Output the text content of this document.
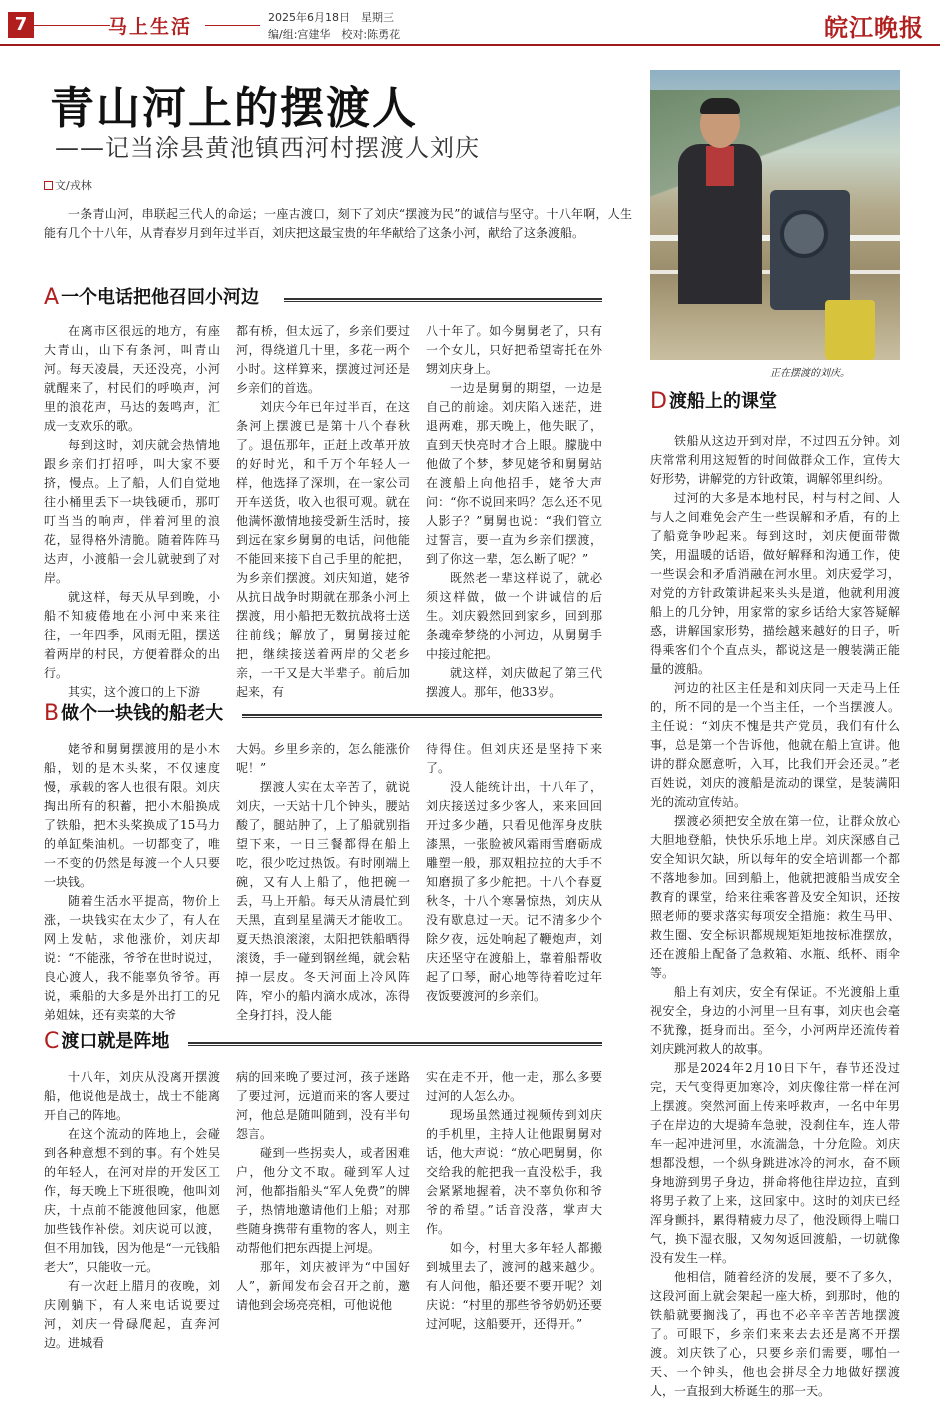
7	马上生活	2025年6月18日　星期三
编/组:宫建华　校对:陈勇花	皖江晚报
青山河上的摆渡人
——记当涂县黄池镇西河村摆渡人刘庆
文/戎林

一条青山河，串联起三代人的命运；一座古渡口，刻下了刘庆“摆渡为民”的诚信与坚守。十八年啊，人生能有几个十八年，从青春岁月到年过半百，刘庆把这最宝贵的年华献给了这条小河，献给了这条渡船。

正在摆渡的刘庆。
A 一个电话把他召回小河边

在离市区很远的地方，有座大青山，山下有条河，叫青山河。每天凌晨，天还没亮，小河就醒来了，村民们的呼唤声，河里的浪花声，马达的轰鸣声，汇成一支欢乐的歌。

每到这时，刘庆就会热情地跟乡亲们打招呼，叫大家不要挤，慢点。上了船，人们自觉地往小桶里丢下一块钱硬币，那叮叮当当的响声，伴着河里的浪花，显得格外清脆。随着阵阵马达声，小渡船一会儿就驶到了对岸。

就这样，每天从早到晚，小船不知疲倦地在小河中来来往往，一年四季，风雨无阻，摆送着两岸的村民，方便着群众的出行。

其实，这个渡口的上下游

都有桥，但太远了，乡亲们要过河，得绕道几十里，多花一两个小时。这样算来，摆渡过河还是乡亲们的首选。

刘庆今年已年过半百，在这条河上摆渡已是第十八个春秋了。退伍那年，正赶上改革开放的好时光，和千万个年轻人一样，他选择了深圳，在一家公司开车送货，收入也很可观。就在他满怀激情地接受新生活时，接到远在家乡舅舅的电话，问他能不能回来接下自己手里的舵把，为乡亲们摆渡。刘庆知道，姥爷从抗日战争时期就在那条小河上摆渡，用小船把无数抗战将士送往前线；解放了，舅舅接过舵把，继续接送着两岸的父老乡亲，一干又是大半辈子。前后加起来，有

八十年了。如今舅舅老了，只有一个女儿，只好把希望寄托在外甥刘庆身上。

一边是舅舅的期望，一边是自己的前途。刘庆陷入迷茫，进退两难，那天晚上，他失眠了，直到天快亮时才合上眼。朦胧中他做了个梦，梦见姥爷和舅舅站在渡船上向他招手，姥爷大声问：“你不说回来吗？怎么还不见人影子？”舅舅也说：“我们管立过誓言，要一直为乡亲们摆渡，到了你这一辈，怎么断了呢？”

既然老一辈这样说了，就必须这样做，做一个讲诚信的后生。刘庆毅然回到家乡，回到那条魂牵梦绕的小河边，从舅舅手中接过舵把。

就这样，刘庆做起了第三代摆渡人。那年，他33岁。

B 做个一块钱的船老大

姥爷和舅舅摆渡用的是小木船，划的是木头桨，不仅速度慢，承载的客人也很有限。刘庆掏出所有的积蓄，把小木船换成了铁船，把木头桨换成了15马力的单缸柴油机。一切都变了，唯一不变的仍然是每渡一个人只要一块钱。

随着生活水平提高，物价上涨，一块钱实在太少了，有人在网上发帖，求他涨价，刘庆却说：“不能涨，爷爷在世时说过，良心渡人，我不能辜负爷爷。再说，乘船的大多是外出打工的兄弟姐妹，还有卖菜的大爷

大妈。乡里乡亲的，怎么能涨价呢！”

摆渡人实在太辛苦了，就说刘庆，一天站十几个钟头，腰站酸了，腿站肿了，上了船就别指望下来，一日三餐都得在船上吃，很少吃过热饭。有时刚端上碗，又有人上船了，他把碗一丢，马上开船。每天从清晨忙到天黑，直到星星满天才能收工。夏天热浪滚滚，太阳把铁船晒得滚烫，手一碰到钢丝绳，就会粘掉一层皮。冬天河面上冷风阵阵，窄小的船内滴水成冰，冻得全身打抖，没人能

待得住。但刘庆还是坚持下来了。

没人能统计出，十八年了，刘庆接送过多少客人，来来回回开过多少趟，只看见他浑身皮肤漆黑，一张脸被风霜雨雪磨砺成雕塑一般，那双粗拉拉的大手不知磨损了多少舵把。十八个春夏秋冬，十八个寒暑惊热，刘庆从没有歇息过一天。记不清多少个除夕夜，远处响起了鞭炮声，刘庆还坚守在渡船上，靠着船帮收起了口琴，耐心地等待着吃过年夜饭要渡河的乡亲们。

C 渡口就是阵地

十八年，刘庆从没离开摆渡船，他说他是战士，战士不能离开自己的阵地。

在这个流动的阵地上，会碰到各种意想不到的事。有个姓吴的年轻人，在河对岸的开发区工作，每天晚上下班很晚，他叫刘庆，十点前不能渡他回家，他愿加些钱作补偿。刘庆说可以渡，但不用加钱，因为他是“一元钱船老大”，只能收一元。

有一次赶上腊月的夜晚，刘庆刚躺下，有人来电话说要过河，刘庆一骨碌爬起，直奔河边。进城看

病的回来晚了要过河，孩子迷路了要过河，远道而来的客人要过河，他总是随叫随到，没有半句怨言。

碰到一些拐卖人，或者困难户，他分文不取。碰到军人过河，他都指船头“军人免费”的牌子，热情地邀请他们上船；对那些随身携带有重物的客人，则主动帮他们把东西提上河堤。

那年，刘庆被评为“中国好人”，新闻发布会召开之前，邀请他到会场亮亮相，可他说他

实在走不开，他一走，那么多要过河的人怎么办。

现场虽然通过视频传到刘庆的手机里，主持人让他跟舅舅对话，他大声说：“放心吧舅舅，你交给我的舵把我一直没松手，我会紧紧地握着，决不辜负你和爷爷的希望。”话音没落，掌声大作。

如今，村里大多年轻人都搬到城里去了，渡河的越来越少。有人问他，船还要不要开呢？刘庆说：“村里的那些爷爷奶奶还要过河呢，这船要开，还得开。”

D 渡船上的课堂

铁船从这边开到对岸，不过四五分钟。刘庆常常利用这短暂的时间做群众工作，宣传大好形势，讲解党的方针政策，调解邻里纠纷。

过河的大多是本地村民，村与村之间、人与人之间难免会产生一些误解和矛盾，有的上了船竟争吵起来。每到这时，刘庆便面带微笑，用温暖的话语，做好解释和沟通工作，使一些误会和矛盾消融在河水里。刘庆爱学习，对党的方针政策讲起来头头是道，他就利用渡船上的几分钟，用家常的家乡话给大家答疑解惑，讲解国家形势，描绘越来越好的日子，听得乘客们个个直点头，都说这是一艘装满正能量的渡船。

河边的社区主任是和刘庆同一天走马上任的，所不同的是一个当主任，一个当摆渡人。主任说：“刘庆不愧是共产党员，我们有什么事，总是第一个告诉他，他就在船上宣讲。他讲的群众愿意听，入耳，比我们开会还灵。”老百姓说，刘庆的渡船是流动的课堂，是装满阳光的流动宣传站。

摆渡必须把安全放在第一位，让群众放心大胆地登船，快快乐乐地上岸。刘庆深感自己安全知识欠缺，所以每年的安全培训都一个都不落地参加。回到船上，他就把渡船当成安全教育的课堂，给来往乘客普及安全知识，还按照老师的要求落实每项安全措施：救生马甲、救生圈、安全标识都规规矩矩地按标准摆放，还在渡船上配备了急救箱、水瓶、纸杯、雨伞等。

船上有刘庆，安全有保证。不光渡船上重视安全，身边的小河里一旦有事，刘庆也会毫不犹豫，挺身而出。至今，小河两岸还流传着刘庆跳河救人的故事。

那是2024年2月10日下午，春节还没过完，天气变得更加寒冷，刘庆像往常一样在河上摆渡。突然河面上传来呼救声，一名中年男子在岸边的大堤骑车急驶，没刹住车，连人带车一起冲进河里，水流湍急，十分危险。刘庆想都没想，一个纵身跳进冰冷的河水，奋不顾身地游到男子身边，拼命将他往岸边拉，直到将男子救了上来，这回家中。这时的刘庆已经浑身颤抖，累得精疲力尽了，他没顾得上喘口气，换下湿衣服，又匆匆返回渡船，一切就像没有发生一样。

他相信，随着经济的发展，要不了多久，这段河面上就会架起一座大桥，到那时，他的铁船就要搁浅了，再也不必辛辛苦苦地摆渡了。可眼下，乡亲们来来去去还是离不开摆渡。刘庆铁了心，只要乡亲们需要，哪怕一天、一个钟头，他也会拼尽全力地做好摆渡人，一直报到大桥诞生的那一天。
